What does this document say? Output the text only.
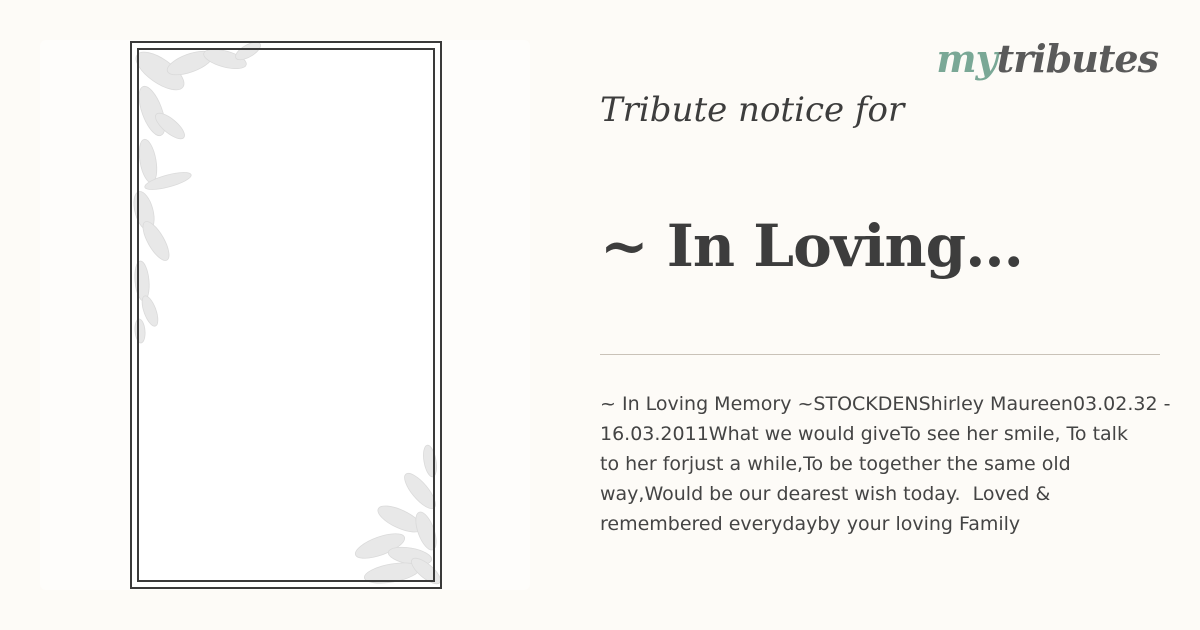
mytributes
Tribute notice for
~ In Loving...
~ In Loving Memory ~STOCKDENShirley Maureen03.02.32 -
16.03.2011What we would giveTo see her smile, To talk
to her forjust a while,To be together the same old
way,Would be our dearest wish today.  Loved &
remembered everydayby your loving Family
